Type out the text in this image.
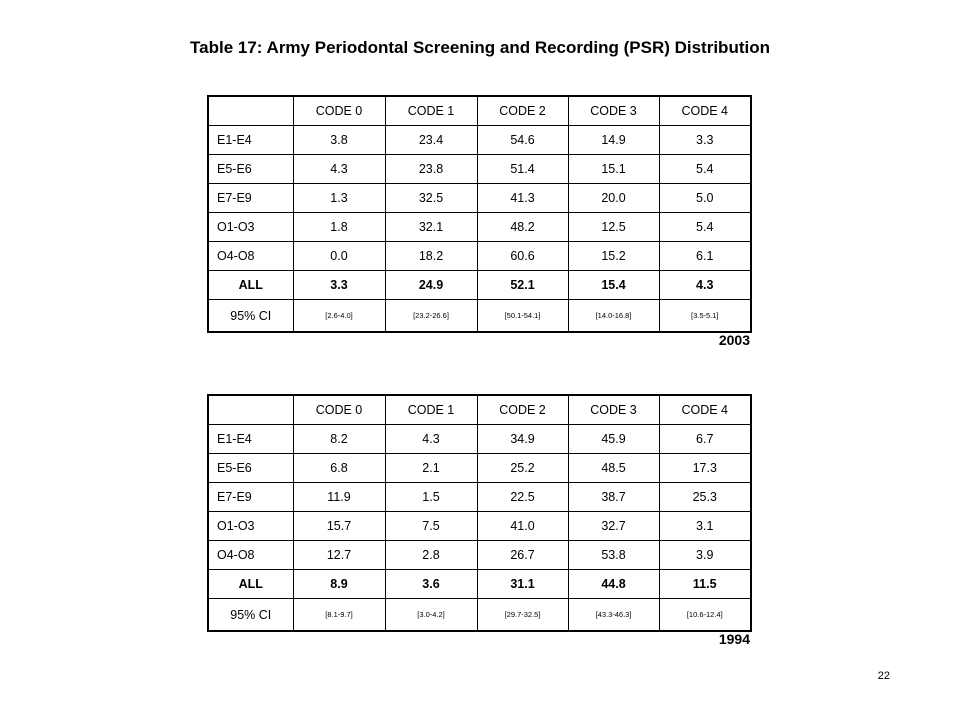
Table 17: Army Periodontal Screening and Recording (PSR) Distribution
	CODE 0	CODE 1	CODE 2	CODE 3	CODE 4
E1-E4	3.8	23.4	54.6	14.9	3.3
E5-E6	4.3	23.8	51.4	15.1	5.4
E7-E9	1.3	32.5	41.3	20.0	5.0
O1-O3	1.8	32.1	48.2	12.5	5.4
O4-O8	0.0	18.2	60.6	15.2	6.1
ALL	3.3	24.9	52.1	15.4	4.3
95% CI	[2.6-4.0]	[23.2-26.6]	[50.1-54.1]	[14.0-16.8]	[3.5-5.1]
2003
	CODE 0	CODE 1	CODE 2	CODE 3	CODE 4
E1-E4	8.2	4.3	34.9	45.9	6.7
E5-E6	6.8	2.1	25.2	48.5	17.3
E7-E9	11.9	1.5	22.5	38.7	25.3
O1-O3	15.7	7.5	41.0	32.7	3.1
O4-O8	12.7	2.8	26.7	53.8	3.9
ALL	8.9	3.6	31.1	44.8	11.5
95% CI	[8.1-9.7]	[3.0-4.2]	[29.7-32.5]	[43.3-46.3]	[10.6-12.4]
1994
22
